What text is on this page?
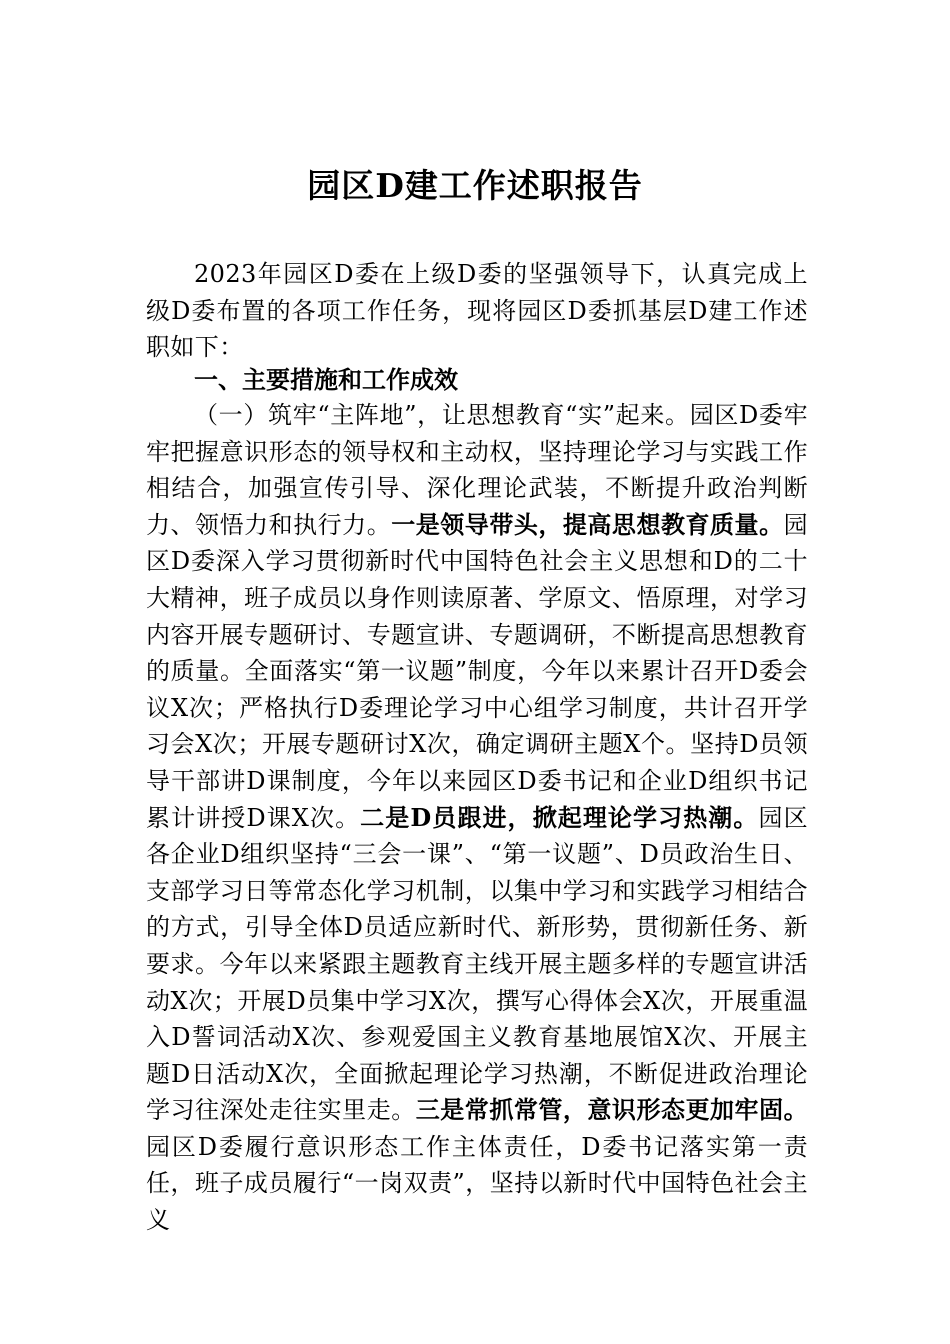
园区D建工作述职报告

2023年园区D委在上级D委的坚强领导下，认真完成上级D委布置的各项工作任务，现将园区D委抓基层D建工作述职如下：

一、主要措施和工作成效

（一）筑牢“主阵地”，让思想教育“实”起来。园区D委牢牢把握意识形态的领导权和主动权，坚持理论学习与实践工作相结合，加强宣传引导、深化理论武装，不断提升政治判断力、领悟力和执行力。一是领导带头，提高思想教育质量。园区D委深入学习贯彻新时代中国特色社会主义思想和D的二十大精神，班子成员以身作则读原著、学原文、悟原理，对学习内容开展专题研讨、专题宣讲、专题调研，不断提高思想教育的质量。全面落实“第一议题”制度，今年以来累计召开D委会议X次；严格执行D委理论学习中心组学习制度，共计召开学习会X次；开展专题研讨X次，确定调研主题X个。坚持D员领导干部讲D课制度，今年以来园区D委书记和企业D组织书记累计讲授D课X次。二是D员跟进，掀起理论学习热潮。园区各企业D组织坚持“三会一课”、“第一议题”、D员政治生日、支部学习日等常态化学习机制，以集中学习和实践学习相结合的方式，引导全体D员适应新时代、新形势，贯彻新任务、新要求。今年以来紧跟主题教育主线开展主题多样的专题宣讲活动X次；开展D员集中学习X次，撰写心得体会X次，开展重温入D誓词活动X次、参观爱国主义教育基地展馆X次、开展主题D日活动X次，全面掀起理论学习热潮，不断促进政治理论学习往深处走往实里走。三是常抓常管，意识形态更加牢固。园区D委履行意识形态工作主体责任，D委书记落实第一责任，班子成员履行“一岗双责”，坚持以新时代中国特色社会主义
